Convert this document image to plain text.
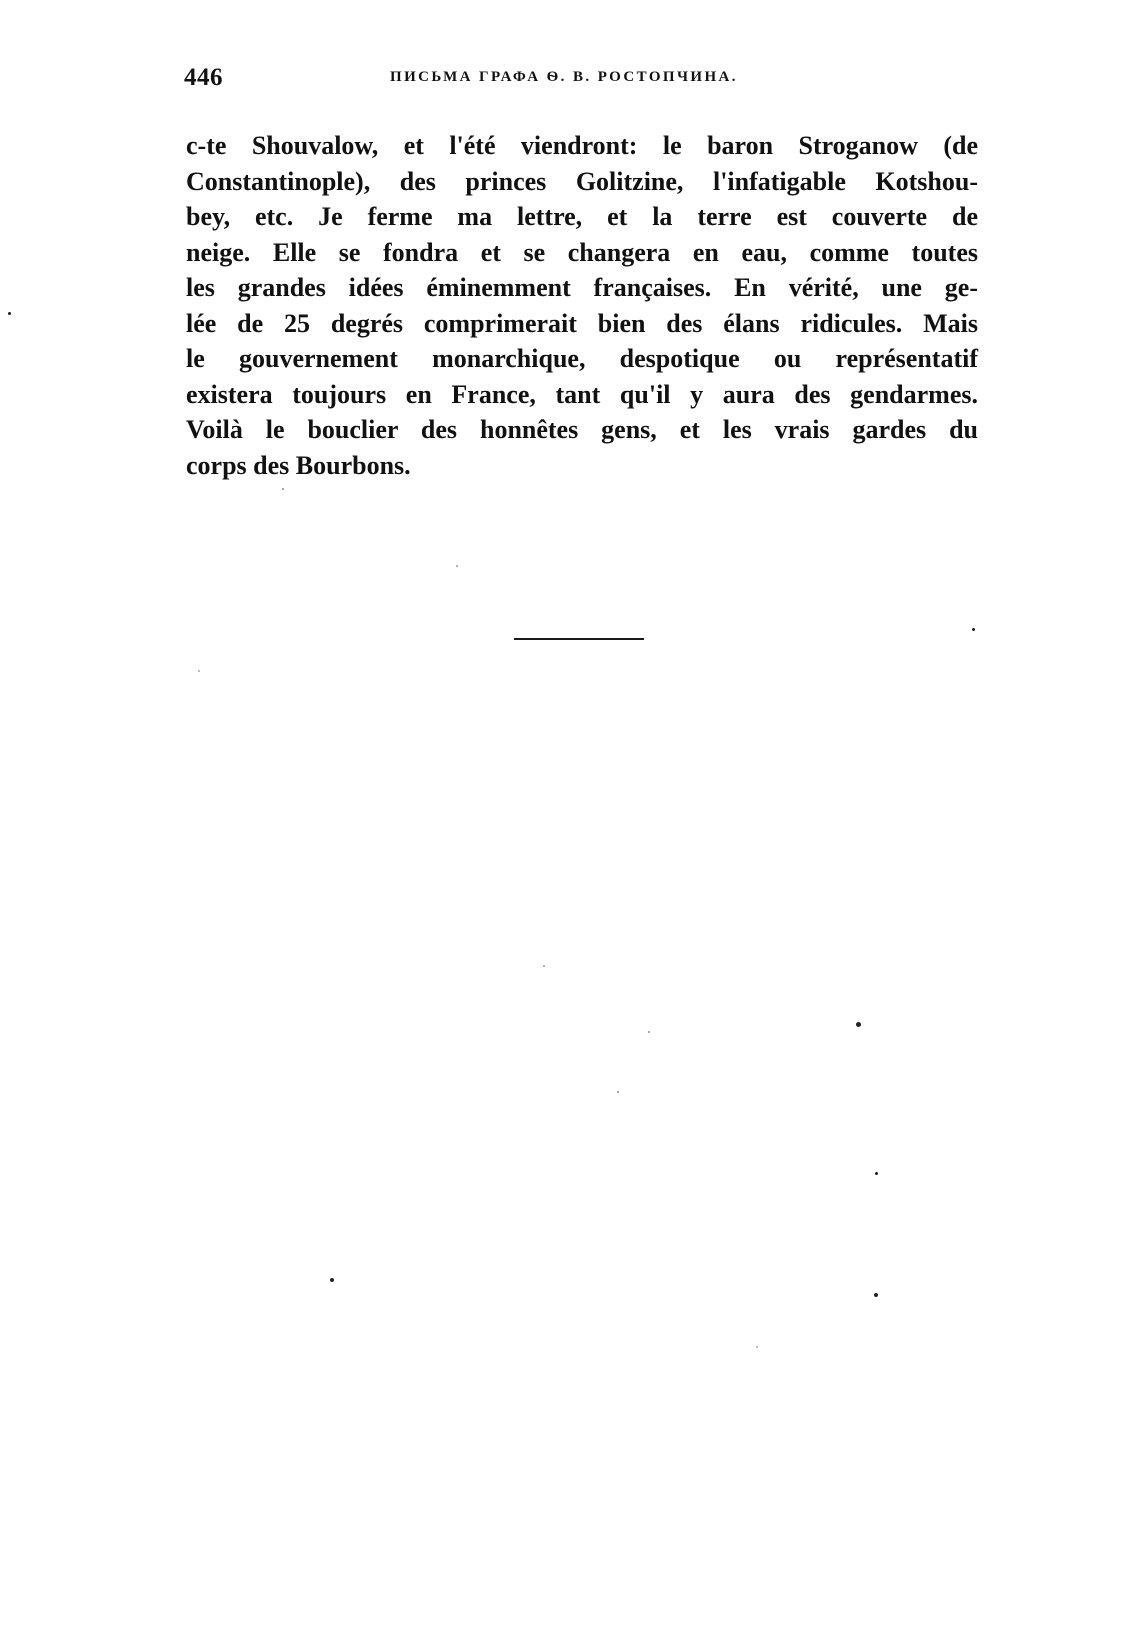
446	ПИСЬМА ГРАФА Ѳ. В. РОСТОПЧИНА.
c-te Shouvalow, et l'été viendront: le baron Stroganow (de
Constantinople), des princes Golitzine, l'infatigable Kotshou-
bey, etc. Je ferme ma lettre, et la terre est couverte de
neige. Elle se fondra et se changera en eau, comme toutes
les grandes idées éminemment françaises. En vérité, une ge-
lée de 25 degrés comprimerait bien des élans ridicules. Mais
le gouvernement monarchique, despotique ou représentatif
existera toujours en France, tant qu'il y aura des gendarmes.
Voilà le bouclier des honnêtes gens, et les vrais gardes du
corps des Bourbons.
